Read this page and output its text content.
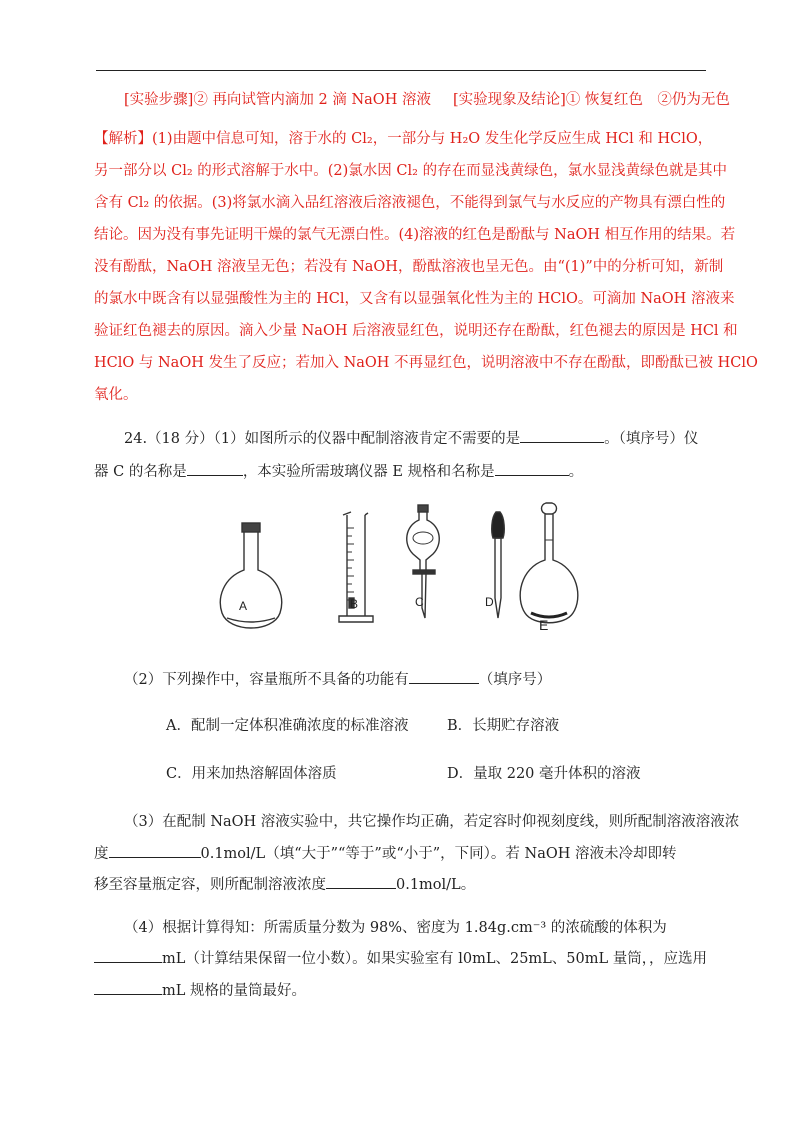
[实验步骤]② 再向试管内滴加 2 滴 NaOH 溶液 [实验现象及结论]① 恢复红色　②仍为无色
【解析】(1)由题中信息可知，溶于水的 Cl₂，一部分与 H₂O 发生化学反应生成 HCl 和 HClO，
另一部分以 Cl₂ 的形式溶解于水中。(2)氯水因 Cl₂ 的存在而显浅黄绿色，氯水显浅黄绿色就是其中
含有 Cl₂ 的依据。(3)将氯水滴入品红溶液后溶液褪色，不能得到氯气与水反应的产物具有漂白性的
结论。因为没有事先证明干燥的氯气无漂白性。(4)溶液的红色是酚酞与 NaOH 相互作用的结果。若
没有酚酞，NaOH 溶液呈无色；若没有 NaOH，酚酞溶液也呈无色。由“(1)”中的分析可知，新制
的氯水中既含有以显强酸性为主的 HCl，又含有以显强氧化性为主的 HClO。可滴加 NaOH 溶液来
验证红色褪去的原因。滴入少量 NaOH 后溶液显红色，说明还存在酚酞，红色褪去的原因是 HCl 和
HClO 与 NaOH 发生了反应；若加入 NaOH 不再显红色，说明溶液中不存在酚酞，即酚酞已被 HClO
氧化。
24.（18 分）（1）如图所示的仪器中配制溶液肯定不需要的是	。（填序号）仪
器 C 的名称是	，本实验所需玻璃仪器 E 规格和名称是	。
A	B	C	D
E
（2）下列操作中，容量瓶所不具备的功能有	（填序号）
A．配制一定体积准确浓度的标准溶液	B．长期贮存溶液
C．用来加热溶解固体溶质	D．量取 220 毫升体积的溶液
（3）在配制 NaOH 溶液实验中，共它操作均正确，若定容时仰视刻度线，则所配制溶液溶液浓
度	0.1mol/L（填“大于”“等于”或“小于”，下同）。若 NaOH 溶液未冷却即转
移至容量瓶定容，则所配制溶液浓度	0.1mol/L。
（4）根据计算得知：所需质量分数为 98%、密度为 1.84g.cm⁻³ 的浓硫酸的体积为
mL（计算结果保留一位小数）。如果实验室有 l0mL、25mL、50mL 量筒，，应选用
mL 规格的量筒最好。
